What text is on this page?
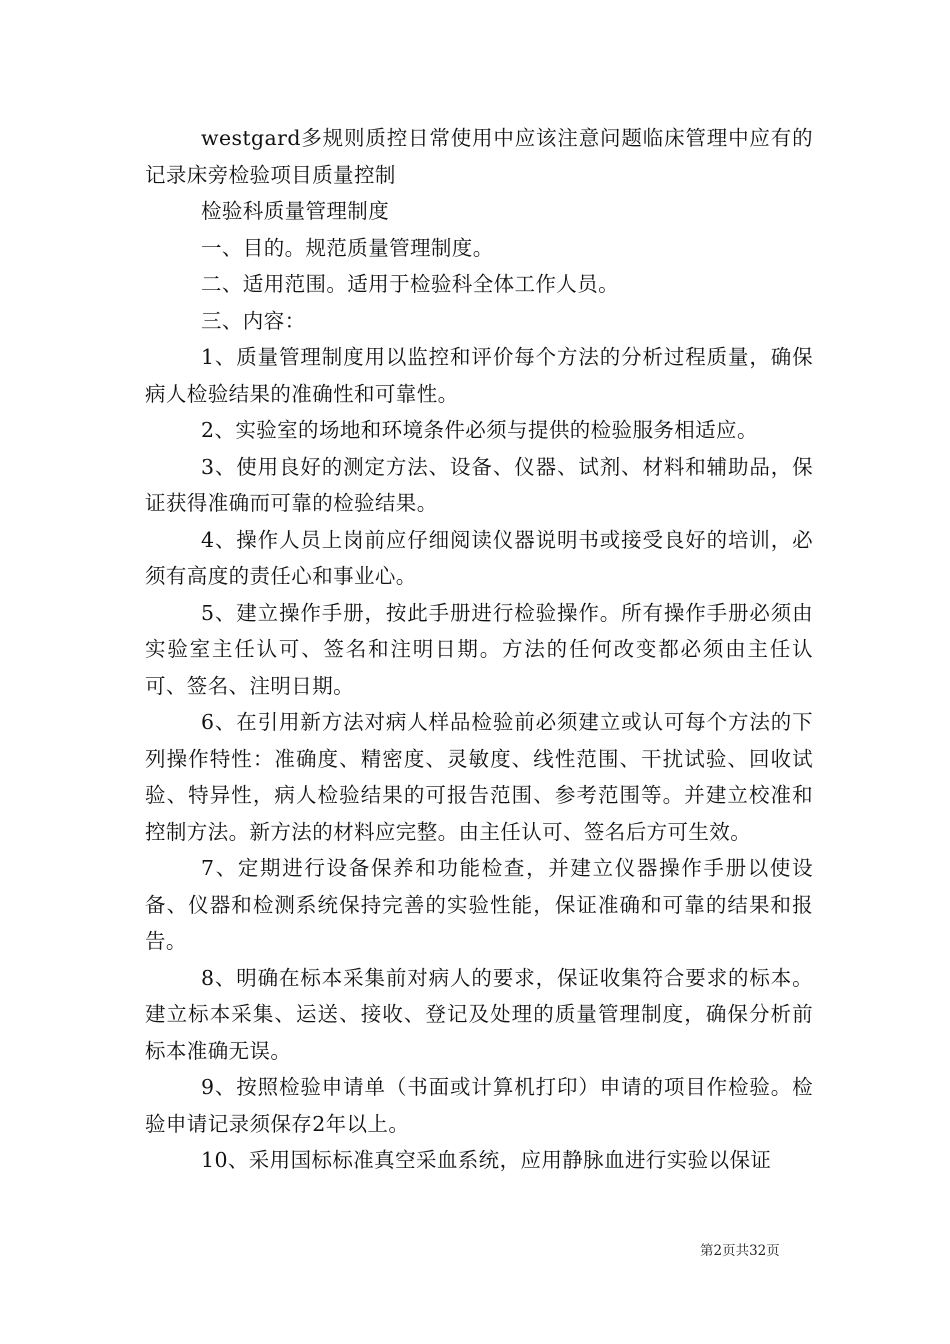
westgard多规则质控日常使用中应该注意问题临床管理中应有的记录床旁检验项目质量控制

检验科质量管理制度

一、目的。规范质量管理制度。

二、适用范围。适用于检验科全体工作人员。

三、内容：

1、质量管理制度用以监控和评价每个方法的分析过程质量，确保病人检验结果的准确性和可靠性。

2、实验室的场地和环境条件必须与提供的检验服务相适应。

3、使用良好的测定方法、设备、仪器、试剂、材料和辅助品，保证获得准确而可靠的检验结果。

4、操作人员上岗前应仔细阅读仪器说明书或接受良好的培训，必须有高度的责任心和事业心。

5、建立操作手册，按此手册进行检验操作。所有操作手册必须由实验室主任认可、签名和注明日期。方法的任何改变都必须由主任认可、签名、注明日期。

6、在引用新方法对病人样品检验前必须建立或认可每个方法的下列操作特性：准确度、精密度、灵敏度、线性范围、干扰试验、回收试验、特异性，病人检验结果的可报告范围、参考范围等。并建立校准和控制方法。新方法的材料应完整。由主任认可、签名后方可生效。

7、定期进行设备保养和功能检查，并建立仪器操作手册以使设备、仪器和检测系统保持完善的实验性能，保证准确和可靠的结果和报告。

8、明确在标本采集前对病人的要求，保证收集符合要求的标本。建立标本采集、运送、接收、登记及处理的质量管理制度，确保分析前标本准确无误。

9、按照检验申请单（书面或计算机打印）申请的项目作检验。检验申请记录须保存2年以上。

10、采用国标标准真空采血系统，应用静脉血进行实验以保证

第2页共32页
